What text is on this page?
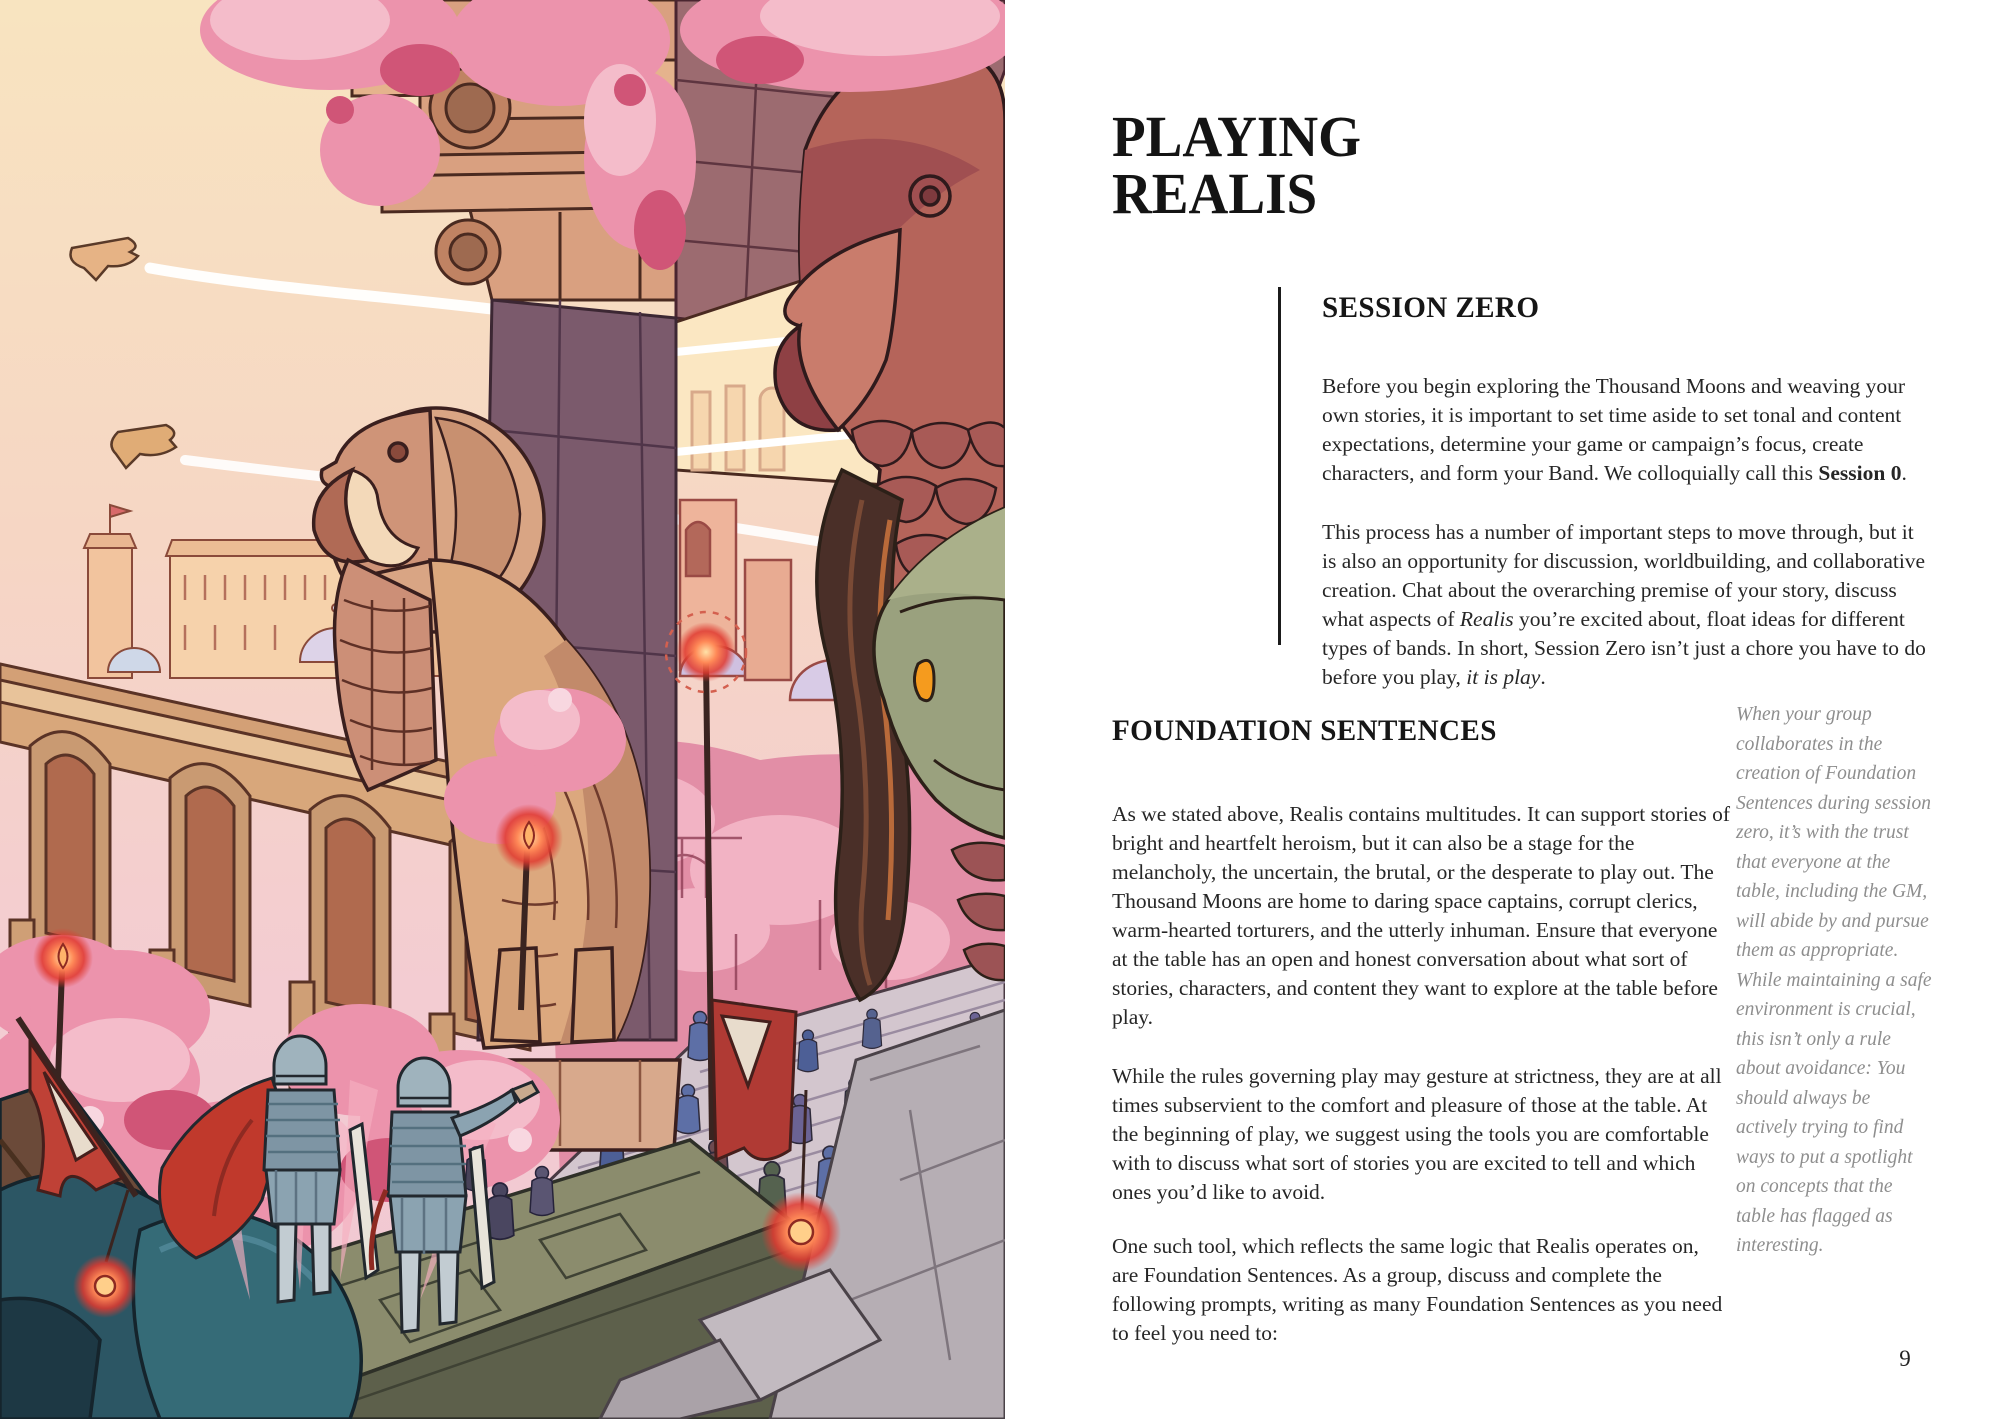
PLAYING
REALIS
SESSION ZERO

Before you begin exploring the Thousand Moons and weaving your own stories, it is important to set time aside to set tonal and content expectations, determine your game or campaign’s focus, create characters, and form your Band. We colloquially call this Session 0.

This process has a number of important steps to move through, but it is also an opportunity for discussion, worldbuilding, and collaborative creation. Chat about the overarching premise of your story, discuss what aspects of Realis you’re excited about, float ideas for different types of bands. In short, Session Zero isn’t just a chore you have to do before you play, it is play.

FOUNDATION SENTENCES

As we stated above, Realis contains multitudes. It can support stories of bright and heartfelt heroism, but it can also be a stage for the melancholy, the uncertain, the brutal, or the desperate to play out. The Thousand Moons are home to daring space captains, corrupt clerics, warm-hearted torturers, and the utterly inhuman. Ensure that everyone at the table has an open and honest conversation about what sort of stories, characters, and content they want to explore at the table before play.

While the rules governing play may gesture at strictness, they are at all times subservient to the comfort and pleasure of those at the table. At the beginning of play, we suggest using the tools you are comfortable with to discuss what sort of stories you are excited to tell and which ones you’d like to avoid.

One such tool, which reflects the same logic that Realis operates on, are Foundation Sentences. As a group, discuss and complete the following prompts, writing as many Foundation Sentences as you need to feel you need to:

When your group collaborates in the creation of Foundation Sentences during session zero, it’s with the trust that everyone at the table, including the GM, will abide by and pursue them as appropriate. While maintaining a safe environment is crucial, this isn’t only a rule about avoidance: You should always be actively trying to find ways to put a spotlight on concepts that the table has flagged as interesting.
9
